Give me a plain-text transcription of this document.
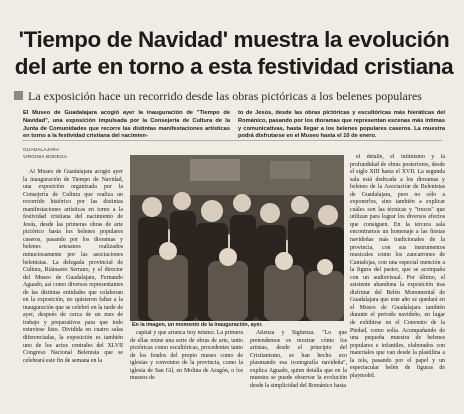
'Tiempo de Navidad' muestra la evolución del arte en torno a esta festividad cristiana
La exposición hace un recorrido desde las obras pictóricas a los belenes populares
El Museo de Guadalajara acogió ayer la inauguración de "Tiempo de Navidad", una exposición impulsada por la Consejería de Cultura de la Junta de Comunidades que recorre las distintas manifestaciones artísticas en torno a la festividad cristiana del nacimien-
to de Jesús, desde las obras pictóricas y escultóricas más hieráticas del Románico, pasando por los dioramas que representan escenas más íntimas y comunicativas, hasta llegar a los belenes populares caseros. La muestra podrá disfrutarse en el Museo hasta el 10 de enero.
GUADALAJARA
VIRGINIA BODEGA

Al Museo de Guadalajara acogió ayer la inauguración de Tiempo de Navidad, una exposición organizada por la Consejería de Cultura que realiza un recorrido histórico por las distintas manifestaciones artísticas en torno a la festividad cristiana del nacimiento de Jesús, desde las primeras obras de arte pictórico hasta los belenes populares caseros, pasando por los dioramas y belenes artesanos realizados minuciosamente por las asociaciones belenistas. La delegada provincial de Cultura, Riánsares Serrano, y el director del Museo de Guadalajara, Fernando Aguado, así como diversos representantes de las distintas entidades que colaboran en la exposición, no quisieron faltar a la inauguración que se celebró en la tarde de ayer, después de cerca de un mes de trabajo y preparativos para que todo estuviese listo. Dividida en cuatro salas diferenciadas, la exposición es también uno de los actos centrales del XLVII Congreso Nacional Belenista que se celebrará este fin de semana en la

En la imagen, un momento de la inauguración, ayer.

capital y que arranca hoy mismo. La primera de ellas reúne una serie de obras de arte, tanto pictóricas como escultóricas, procedentes tanto de los fondos del propio museo como de iglesias y conventos de la provincia, como la iglesia de San Gil, en Molina de Aragón, o los museos de

Atienza y Sigüenza. "Lo que pretendemos es mostrar cómo los artistas, desde el principio del Cristianismo, se han hecho eco plasmando esa iconografía navideña", explica Aguado, quien detalla que en la muestra se puede observar la evolución desde la simplicidad del Románico hasta

el detalle, el intimismo y la profundidad de obras posteriores, desde el siglo XIII hasta el XVII. La segunda sala está dedicada a los dioramas y belenes de la Asociación de Belenistas de Guadalajara, pero no sólo a exponerlos, sino también a explicar cuáles son las técnicas y "trucos" que utilizan para lograr los diversos efectos que consiguen. En la tercera sala encontramos un homenaje a las fiestas navideñas más tradicionales de la provincia, con sus instrumentos musicales como los zancarrones de Cantalojas, con una especial mención a la figura del pastor, que se acompaña con un audiovisual. Por último, el asistente abandona la exposición tras disfrutar del Belén Monumental de Guadalajara que este año se quedará en el Museo de Guadalajara también durante el periodo navideño, en lugar de exhibirse en el Convento de la Piedad, como solía. Acompañando de una pequeña muestra de belenes populares e infantiles, elaborados con materiales que van desde la plastilina a la tela, pasando por el papel y un espectacular belén de figuras de playmobil.
